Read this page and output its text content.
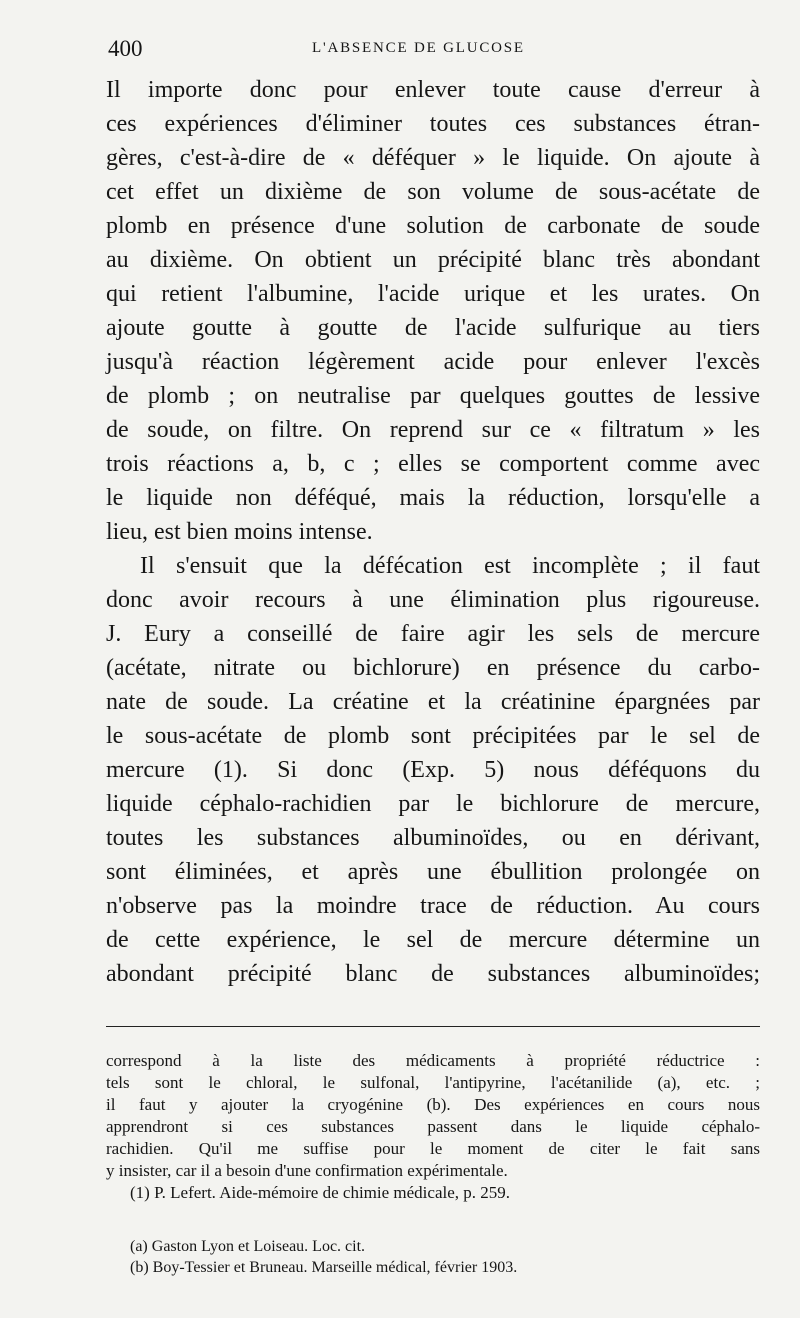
400	L'ABSENCE DE GLUCOSE
Il importe donc pour enlever toute cause d'erreur à
ces expériences d'éliminer toutes ces substances étran-
gères, c'est-à-dire de « déféquer » le liquide. On ajoute à
cet effet un dixième de son volume de sous-acétate de
plomb en présence d'une solution de carbonate de soude
au dixième. On obtient un précipité blanc très abondant
qui retient l'albumine, l'acide urique et les urates. On
ajoute goutte à goutte de l'acide sulfurique au tiers
jusqu'à réaction légèrement acide pour enlever l'excès
de plomb ; on neutralise par quelques gouttes de lessive
de soude, on filtre. On reprend sur ce « filtratum » les
trois réactions a, b, c ; elles se comportent comme avec
le liquide non déféqué, mais la réduction, lorsqu'elle a
lieu, est bien moins intense.
Il s'ensuit que la défécation est incomplète ; il faut
donc avoir recours à une élimination plus rigoureuse.
J. Eury a conseillé de faire agir les sels de mercure
(acétate, nitrate ou bichlorure) en présence du carbo-
nate de soude. La créatine et la créatinine épargnées par
le sous-acétate de plomb sont précipitées par le sel de
mercure (1). Si donc (Exp. 5) nous déféquons du
liquide céphalo-rachidien par le bichlorure de mercure,
toutes les substances albuminoïdes, ou en dérivant,
sont éliminées, et après une ébullition prolongée on
n'observe pas la moindre trace de réduction. Au cours
de cette expérience, le sel de mercure détermine un
abondant précipité blanc de substances albuminoïdes;
correspond à la liste des médicaments à propriété réductrice :
tels sont le chloral, le sulfonal, l'antipyrine, l'acétanilide (a), etc. ;
il faut y ajouter la cryogénine (b). Des expériences en cours nous
apprendront si ces substances passent dans le liquide céphalo-
rachidien. Qu'il me suffise pour le moment de citer le fait sans
y insister, car il a besoin d'une confirmation expérimentale.
(1) P. Lefert. Aide-mémoire de chimie médicale, p. 259.
(a) Gaston Lyon et Loiseau. Loc. cit.
(b) Boy-Tessier et Bruneau. Marseille médical, février 1903.
